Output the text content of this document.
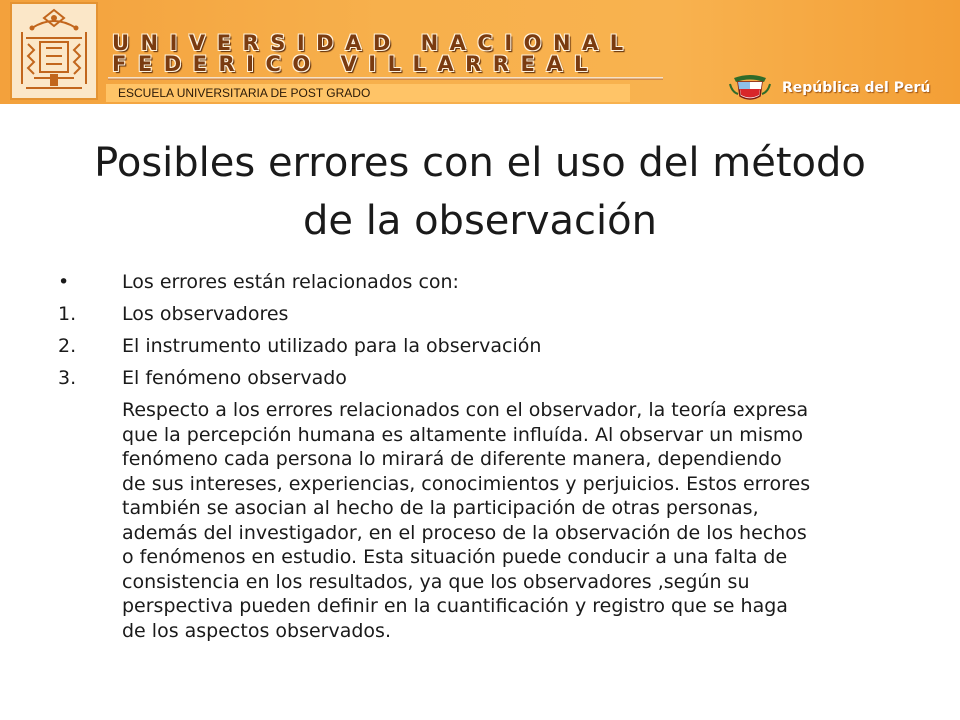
UNIVERSIDAD NACIONAL
FEDERICO VILLARREAL
ESCUELA UNIVERSITARIA DE POST GRADO	República del Perú
Posibles errores con el uso del método
de la observación
•	Los errores están relacionados con:
1. Los observadores
2. El instrumento utilizado para la observación
3. El fenómeno observado
Respecto a los errores relacionados con el observador, la teoría expresa
que la percepción humana es altamente influída. Al observar un mismo
fenómeno cada persona lo mirará de diferente manera, dependiendo
de sus intereses, experiencias, conocimientos y perjuicios. Estos errores
también se asocian al hecho de la participación de otras personas,
además del investigador, en el proceso de la observación de los hechos
o fenómenos en estudio. Esta situación puede conducir a una falta de
consistencia en los resultados, ya que los observadores ,según su
perspectiva pueden definir en la cuantificación y registro que se haga
de los aspectos observados.
